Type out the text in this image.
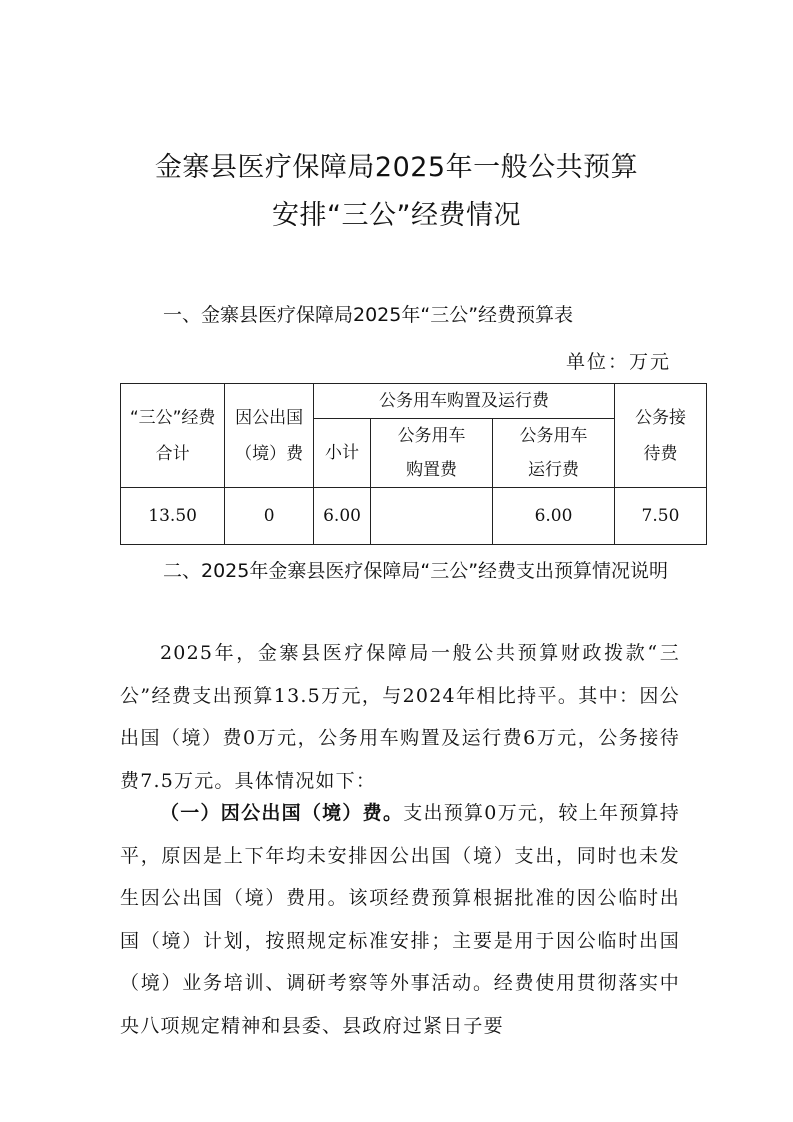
金寨县医疗保障局2025年一般公共预算
安排“三公”经费情况
一、金寨县医疗保障局2025年“三公”经费预算表
单位：万元
“三公”经费合计	因公出国（境）费	公务用车购置及运行费			公务接待费
		小计	公务用车购置费	公务用车运行费	
13.50	0	6.00		6.00	7.50
二、2025年金寨县医疗保障局“三公”经费支出预算情况说明
2025年，金寨县医疗保障局一般公共预算财政拨款“三公”经费支出预算13.5万元，与2024年相比持平。其中：因公出国（境）费0万元，公务用车购置及运行费6万元，公务接待费7.5万元。具体情况如下：
（一）因公出国（境）费。支出预算0万元，较上年预算持平，原因是上下年均未安排因公出国（境）支出，同时也未发生因公出国（境）费用。该项经费预算根据批准的因公临时出国（境）计划，按照规定标准安排；主要是用于因公临时出国（境）业务培训、调研考察等外事活动。经费使用贯彻落实中央八项规定精神和县委、县政府过紧日子要
